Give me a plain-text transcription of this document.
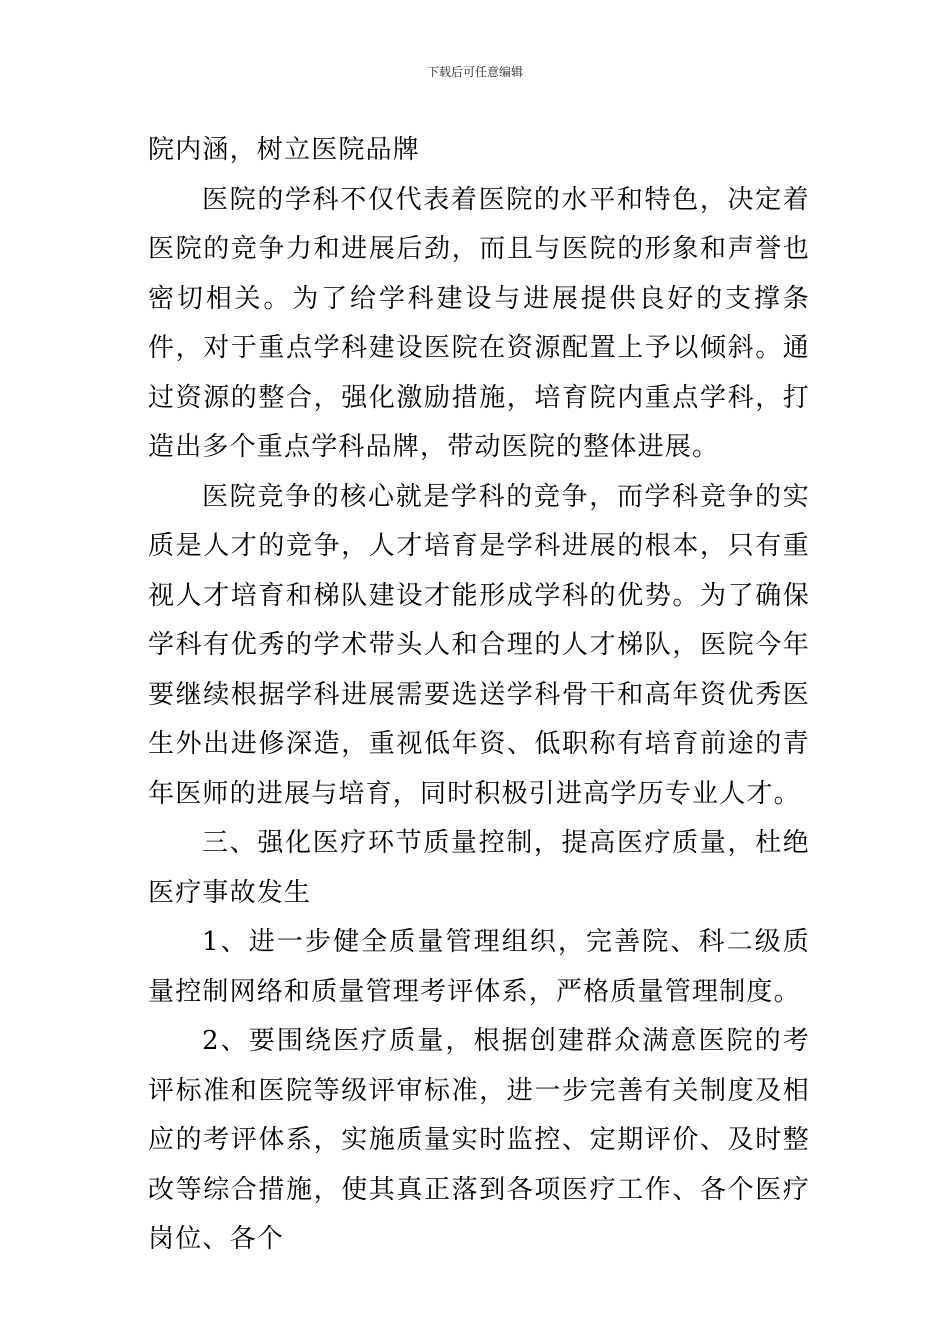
下载后可任意编辑

院内涵，树立医院品牌

医院的学科不仅代表着医院的水平和特色，决定着医院的竞争力和进展后劲，而且与医院的形象和声誉也密切相关。为了给学科建设与进展提供良好的支撑条件，对于重点学科建设医院在资源配置上予以倾斜。通过资源的整合，强化激励措施，培育院内重点学科，打造出多个重点学科品牌，带动医院的整体进展。

医院竞争的核心就是学科的竞争，而学科竞争的实质是人才的竞争，人才培育是学科进展的根本，只有重视人才培育和梯队建设才能形成学科的优势。为了确保学科有优秀的学术带头人和合理的人才梯队，医院今年要继续根据学科进展需要选送学科骨干和高年资优秀医生外出进修深造，重视低年资、低职称有培育前途的青年医师的进展与培育，同时积极引进高学历专业人才。

三、强化医疗环节质量控制，提高医疗质量，杜绝医疗事故发生

1、进一步健全质量管理组织，完善院、科二级质量控制网络和质量管理考评体系，严格质量管理制度。

2、要围绕医疗质量，根据创建群众满意医院的考评标准和医院等级评审标准，进一步完善有关制度及相应的考评体系，实施质量实时监控、定期评价、及时整改等综合措施，使其真正落到各项医疗工作、各个医疗岗位、各个
